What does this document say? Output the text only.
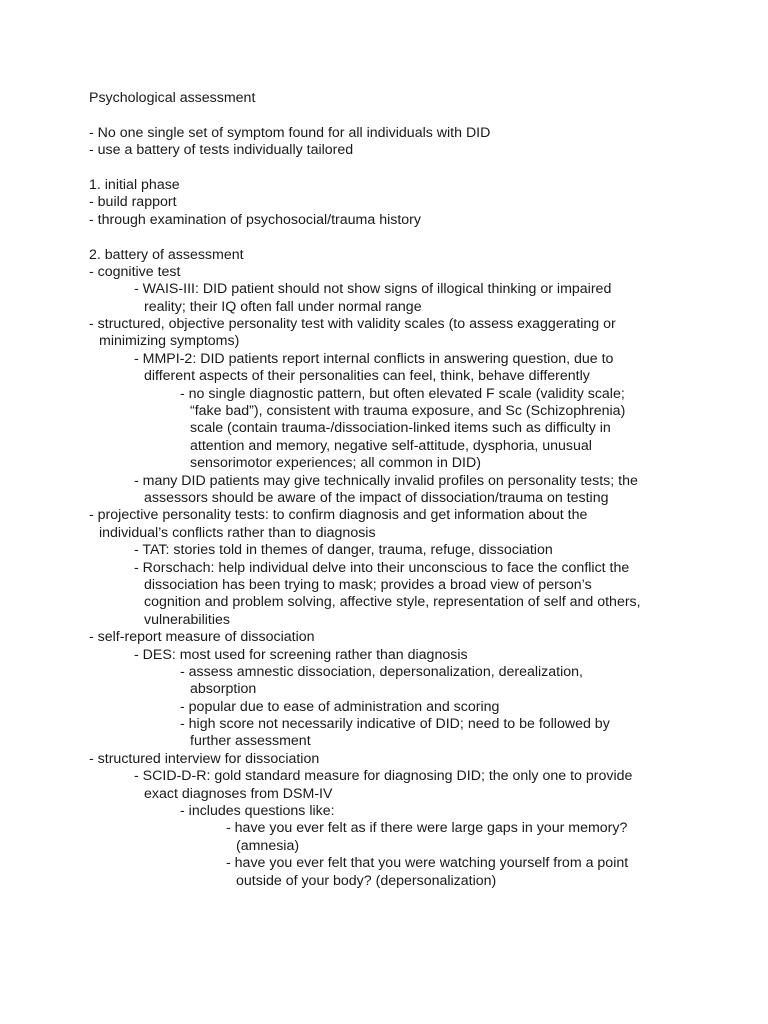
Psychological assessment
- No one single set of symptom found for all individuals with DID
- use a battery of tests individually tailored
1. initial phase
- build rapport
- through examination of psychosocial/trauma history
2. battery of assessment
- cognitive test
- WAIS-III: DID patient should not show signs of illogical thinking or impaired
reality; their IQ often fall under normal range
- structured, objective personality test with validity scales (to assess exaggerating or
minimizing symptoms)
- MMPI-2: DID patients report internal conflicts in answering question, due to
different aspects of their personalities can feel, think, behave differently
- no single diagnostic pattern, but often elevated F scale (validity scale;
“fake bad”), consistent with trauma exposure, and Sc (Schizophrenia)
scale (contain trauma-/dissociation-linked items such as difficulty in
attention and memory, negative self-attitude, dysphoria, unusual
sensorimotor experiences; all common in DID)
- many DID patients may give technically invalid profiles on personality tests; the
assessors should be aware of the impact of dissociation/trauma on testing
- projective personality tests: to confirm diagnosis and get information about the
individual’s conflicts rather than to diagnosis
- TAT: stories told in themes of danger, trauma, refuge, dissociation
- Rorschach: help individual delve into their unconscious to face the conflict the
dissociation has been trying to mask; provides a broad view of person’s
cognition and problem solving, affective style, representation of self and others,
vulnerabilities
- self-report measure of dissociation
- DES: most used for screening rather than diagnosis
- assess amnestic dissociation, depersonalization, derealization,
absorption
- popular due to ease of administration and scoring
- high score not necessarily indicative of DID; need to be followed by
further assessment
- structured interview for dissociation
- SCID-D-R: gold standard measure for diagnosing DID; the only one to provide
exact diagnoses from DSM-IV
- includes questions like:
- have you ever felt as if there were large gaps in your memory?
(amnesia)
- have you ever felt that you were watching yourself from a point
outside of your body? (depersonalization)
